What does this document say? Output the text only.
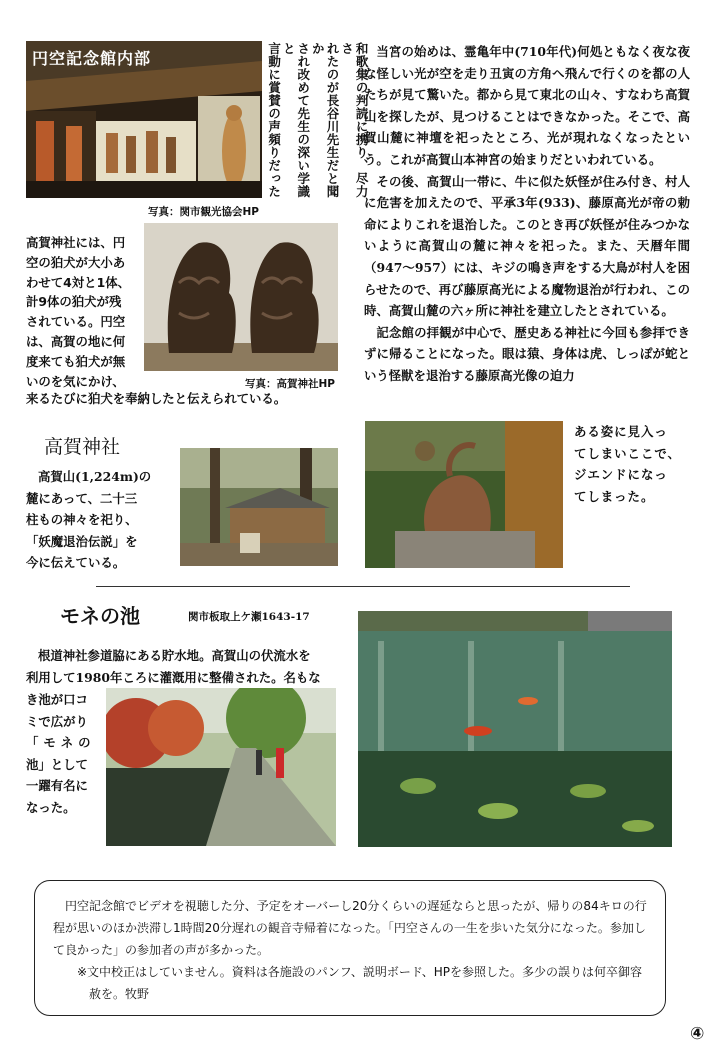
円空記念館内部
写真：関市観光協会HP
和歌集の判読に携り、尽力さ
れたのが長谷川先生だと聞か
され改めて先生の深い学識と
言動に賞賛の声頻りだった
高賀神社には、円
空の狛犬が大小あ
わせて4対と1体、
計9体の狛犬が残
されている。円空
は、高賀の地に何
度来ても狛犬が無
いのを気にかけ、
来るたびに狛犬を奉納したと伝えられている。
写真：高賀神社HP
高賀神社
高賀山(1,224m)の
麓にあって、二十三
柱もの神々を祀り、
「妖魔退治伝説」を
今に伝えている。

当宮の始めは、霊亀年中(710年代)何処ともなく夜な夜な怪しい光が空を走り丑寅の方角へ飛んで行くのを都の人たちが見て驚いた。都から見て東北の山々、すなわち高賀山を探したが、見つけることはできなかった。そこで、高賀山麓に神壇を祀ったところ、光が現れなくなったという。これが高賀山本神宮の始まりだといわれている。

その後、高賀山一帯に、牛に似た妖怪が住み付き、村人に危害を加えたので、平承3年(933)、藤原高光が帝の勅命によりこれを退治した。このとき再び妖怪が住みつかないように高賀山の麓に神々を祀った。また、天暦年間（947～957）には、キジの鳴き声をする大鳥が村人を困らせたので、再び藤原高光による魔物退治が行われ、この時、高賀山麓の六ヶ所に神社を建立したとされている。

記念館の拝観が中心で、歴史ある神社に今回も参拝できずに帰ることになった。眼は猿、身体は虎、しっぽが蛇という怪獣を退治する藤原高光像の迫力

ある姿に見入っ
てしまいここで、
ジエンドになっ
てしまった。
モネの池	関市板取上ケ瀬1643-17
根道神社参道脇にある貯水地。高賀山の伏流水を
利用して1980年ころに灌漑用に整備された。名もな
き池が口コ
ミで広がり
「モネの
池」として
一躍有名に
なった。
円空記念館でビデオを視聴した分、予定をオーバーし20分くらいの遅延ならと思ったが、帰りの84キロの行程が思いのほか渋滞し1時間20分遅れの観音寺帰着になった。「円空さんの一生を歩いた気分になった。参加して良かった」の参加者の声が多かった。
※文中校正はしていません。資料は各施設のパンフ、説明ボード、HPを参照した。多少の誤りは何卒御容赦を。牧野
④
